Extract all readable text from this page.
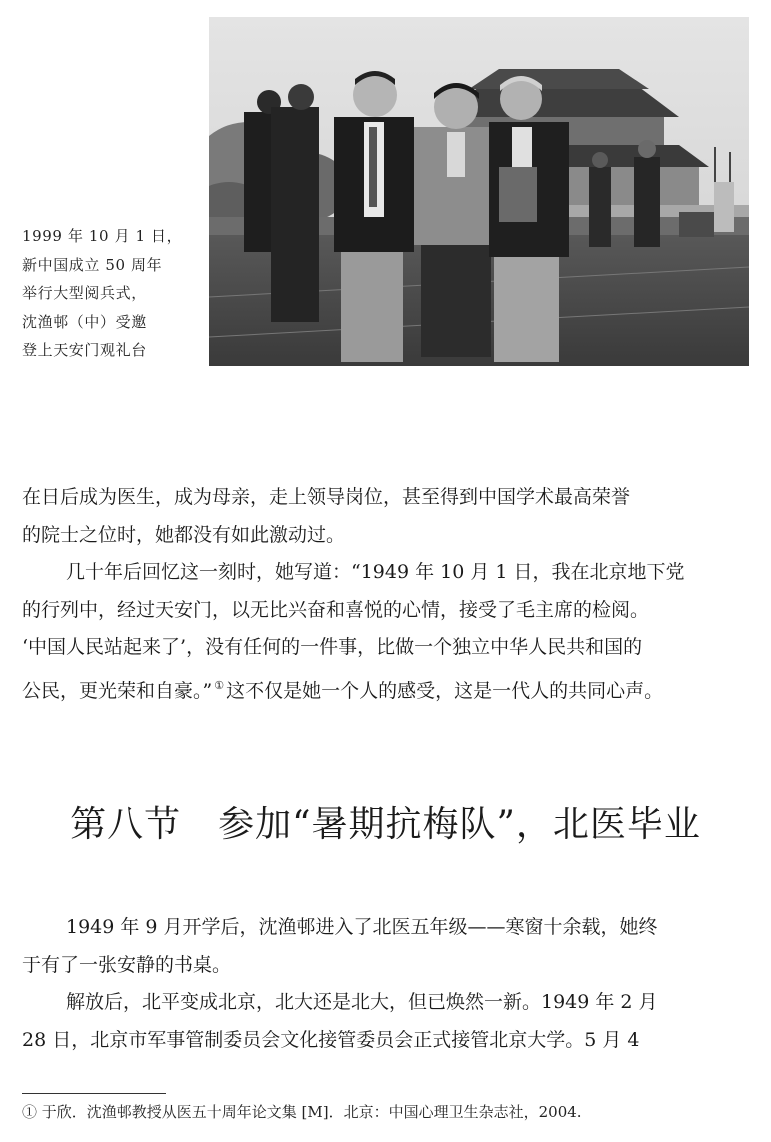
1999 年 10 月 1 日，
新中国成立 50 周年
举行大型阅兵式，
沈渔邨（中）受邀
登上天安门观礼台
在日后成为医生，成为母亲，走上领导岗位，甚至得到中国学术最高荣誉
的院士之位时，她都没有如此激动过。
几十年后回忆这一刻时，她写道：“1949 年 10 月 1 日，我在北京地下党
的行列中，经过天安门，以无比兴奋和喜悦的心情，接受了毛主席的检阅。
‘中国人民站起来了’，没有任何的一件事，比做一个独立中华人民共和国的
公民，更光荣和自豪。” ① 这不仅是她一个人的感受，这是一代人的共同心声。
第八节　参加“暑期抗梅队”，北医毕业
1949 年 9 月开学后，沈渔邨进入了北医五年级——寒窗十余载，她终
于有了一张安静的书桌。
解放后，北平变成北京，北大还是北大，但已焕然一新。1949 年 2 月
28 日，北京市军事管制委员会文化接管委员会正式接管北京大学。5 月 4
① 于欣．沈渔邨教授从医五十周年论文集 [M]．北京：中国心理卫生杂志社，2004.
